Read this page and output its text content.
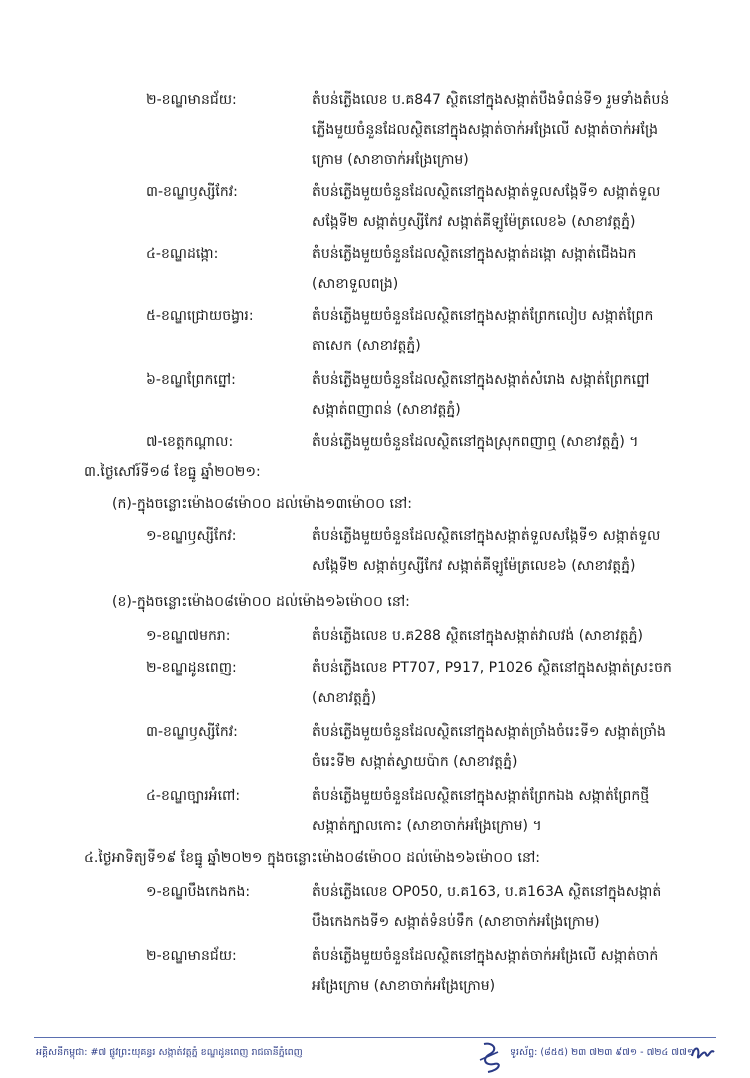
២-ខណ្ឌមានជ័យ:	តំបន់ភ្លើងលេខ ប.គ847 ស្ថិតនៅក្នុងសង្កាត់បឹងទំពន់ទី១ រួមទាំងតំបន់
ភ្លើងមួយចំនួនដែលស្ថិតនៅក្នុងសង្កាត់ចាក់អង្រែលើ សង្កាត់ចាក់អង្រែ
ក្រោម (សាខាចាក់អង្រែក្រោម)
៣-ខណ្ឌឫស្សីកែវ:	តំបន់ភ្លើងមួយចំនួនដែលស្ថិតនៅក្នុងសង្កាត់ទួលសង្កែទី១ សង្កាត់ទួល
សង្កែទី២ សង្កាត់ឫស្សីកែវ សង្កាត់គីឡូម៉ែត្រលេខ៦ (សាខាវត្តភ្នំ)
៤-ខណ្ឌដង្កោ:	តំបន់ភ្លើងមួយចំនួនដែលស្ថិតនៅក្នុងសង្កាត់ដង្កោ សង្កាត់ជើងឯក
(សាខាទួលពង្រ)
៥-ខណ្ឌជ្រោយចង្វារ:	តំបន់ភ្លើងមួយចំនួនដែលស្ថិតនៅក្នុងសង្កាត់ព្រែកលៀប សង្កាត់ព្រែក
តាសេក (សាខាវត្តភ្នំ)
៦-ខណ្ឌព្រែកព្នៅ:	តំបន់ភ្លើងមួយចំនួនដែលស្ថិតនៅក្នុងសង្កាត់សំរោង សង្កាត់ព្រែកព្នៅ
សង្កាត់ពញាពន់ (សាខាវត្តភ្នំ)
៧-ខេត្តកណ្ដាល:	តំបន់ភ្លើងមួយចំនួនដែលស្ថិតនៅក្នុងស្រុកពញាឮ (សាខាវត្តភ្នំ) ។
៣.ថ្ងៃសៅរ៍ទី១៨ ខែធ្នូ ឆ្នាំ២០២១:
(ក)-ក្នុងចន្លោះម៉ោង០៨ម៉ោ០០ ដល់ម៉ោង១៣ម៉ោ០០ នៅ:
១-ខណ្ឌឫស្សីកែវ:	តំបន់ភ្លើងមួយចំនួនដែលស្ថិតនៅក្នុងសង្កាត់ទួលសង្កែទី១ សង្កាត់ទួល
សង្កែទី២ សង្កាត់ឫស្សីកែវ សង្កាត់គីឡូម៉ែត្រលេខ៦ (សាខាវត្តភ្នំ)
(ខ)-ក្នុងចន្លោះម៉ោង០៨ម៉ោ០០ ដល់ម៉ោង១៦ម៉ោ០០ នៅ:
១-ខណ្ឌ៧មករា:	តំបន់ភ្លើងលេខ ប.គ288 ស្ថិតនៅក្នុងសង្កាត់វាលវង់ (សាខាវត្តភ្នំ)
២-ខណ្ឌដូនពេញ:	តំបន់ភ្លើងលេខ PT707, P917, P1026 ស្ថិតនៅក្នុងសង្កាត់ស្រះចក
(សាខាវត្តភ្នំ)
៣-ខណ្ឌឫស្សីកែវ:	តំបន់ភ្លើងមួយចំនួនដែលស្ថិតនៅក្នុងសង្កាត់ច្រាំងចំរេះទី១ សង្កាត់ច្រាំង
ចំរេះទី២ សង្កាត់ស្វាយប៉ាក (សាខាវត្តភ្នំ)
៤-ខណ្ឌច្បារអំពៅ:	តំបន់ភ្លើងមួយចំនួនដែលស្ថិតនៅក្នុងសង្កាត់ព្រែកឯង សង្កាត់ព្រែកថ្មី
សង្កាត់ក្បាលកោះ (សាខាចាក់អង្រែក្រោម) ។
៤.ថ្ងៃអាទិត្យទី១៩ ខែធ្នូ ឆ្នាំ២០២១ ក្នុងចន្លោះម៉ោង០៨ម៉ោ០០ ដល់ម៉ោង១៦ម៉ោ០០ នៅ:
១-ខណ្ឌបឹងកេងកង:	តំបន់ភ្លើងលេខ OP050, ប.គ163, ប.គ163A ស្ថិតនៅក្នុងសង្កាត់
បឹងកេងកងទី១ សង្កាត់ទំនប់ទឹក (សាខាចាក់អង្រែក្រោម)
២-ខណ្ឌមានជ័យ:	តំបន់ភ្លើងមួយចំនួនដែលស្ថិតនៅក្នុងសង្កាត់ចាក់អង្រែលើ សង្កាត់ចាក់
អង្រែក្រោម (សាខាចាក់អង្រែក្រោម)
អគ្គិសនីកម្ពុជា: #៧ ផ្លូវព្រះយុគន្ធរ សង្កាត់វត្តភ្នំ ខណ្ឌដូនពេញ រាជធានីភ្នំពេញ	ទូរស័ព្ទ: (៨៥៥) ២៣ ៧២៣ ៩៧១ - ៧២៤ ៧៧១
